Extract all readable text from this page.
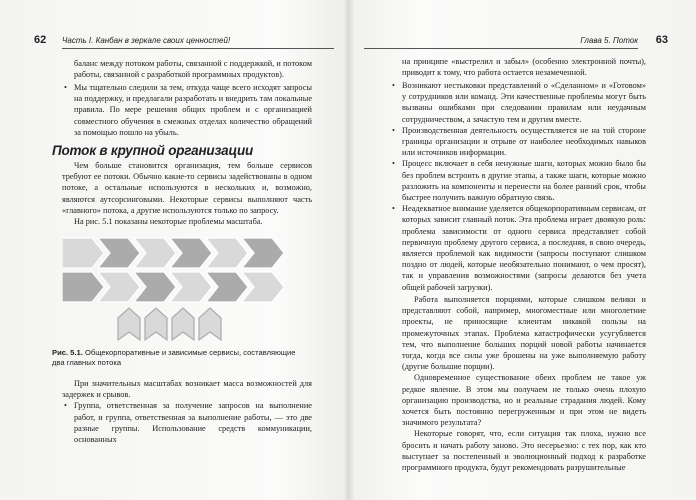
62 Часть I. Канбан в зеркале своих ценностей!

баланс между потоком работы, связанной с поддержкой, и потоком работы, связанной с разработкой программных продуктов).

• Мы тщательно следили за тем, откуда чаще всего исходят запросы на поддержку, и предлагали разработать и внедрить там локальные правила. По мере решения общих проблем и с организацией совместного обучения в смежных отделах количество обращений за помощью пошло на убыль.

Поток в крупной организации

Чем больше становится организация, тем больше сервисов требуют ее потоки. Обычно какие-то сервисы задействованы в одном потоке, а остальные используются в нескольких и, возможно, являются аутсорсинговыми. Некоторые сервисы выполняют часть «главного» потока, а другие используются только по запросу.

На рис. 5.1 показаны некоторые проблемы масштаба.

Рис. 5.1. Общекорпоративные и зависимые сервисы, составляющие два главных потока

При значительных масштабах возникает масса возможностей для задержек и срывов.

• Группа, ответственная за получение запросов на выполнение работ, и группа, ответственная за выполнение работы, — это две разные группы. Использование средств коммуникации, основанных

Глава 5. Поток 63

на принципе «выстрелил и забыл» (особенно электронной почты), приводит к тому, что работа остается незамеченной.

• Возникают нестыковки представлений о «Сделанном» и «Готовом» у сотрудников или команд. Эти качественные проблемы могут быть вызваны ошибками при следовании правилам или неудачным сотрудничеством, а зачастую тем и другим вместе.

• Производственная деятельность осуществляется не на той стороне границы организации и отрыве от наиболее необходимых навыков или источников информации.

• Процесс включает в себя ненужные шаги, которых можно было бы без проблем встроить в другие этапы, а также шаги, которые можно разложить на компоненты и перенести на более ранний срок, чтобы быстрее получить важную обратную связь.

• Неадекватное внимание уделяется общекорпоративным сервисам, от которых зависит главный поток. Эта проблема играет двоякую роль: проблема зависимости от одного сервиса представляет собой первичную проблему другого сервиса, а последняя, в свою очередь, является проблемой как видимости (запросы поступают слишком поздно от людей, которые необязательно понимают, о чем просят), так и управления возможностями (запросы делаются без учета общей рабочей загрузки).

Работа выполняется порциями, которые слишком велики и представляют собой, например, многоместные или многолетние проекты, не приносящие клиентам никакой пользы на промежуточных этапах. Проблема катастрофически усугубляется тем, что выполнение больших порций новой работы начинается тогда, когда все силы уже брошены на уже выполняемую работу (другие большие порции).

Одновременное существование обеих проблем не такое уж редкое явление. В этом мы получаем не только очень плохую организацию производства, но и реальные страдания людей. Кому хочется быть постоянно перегруженным и при этом не видеть значимого результата?

Некоторые говорят, что, если ситуация так плоха, нужно все бросить и начать работу заново. Это несерьезно: с тех пор, как кто выступает за постепенный и эволюционный подход к разработке программного продукта, будут рекомендовать разрушительные
